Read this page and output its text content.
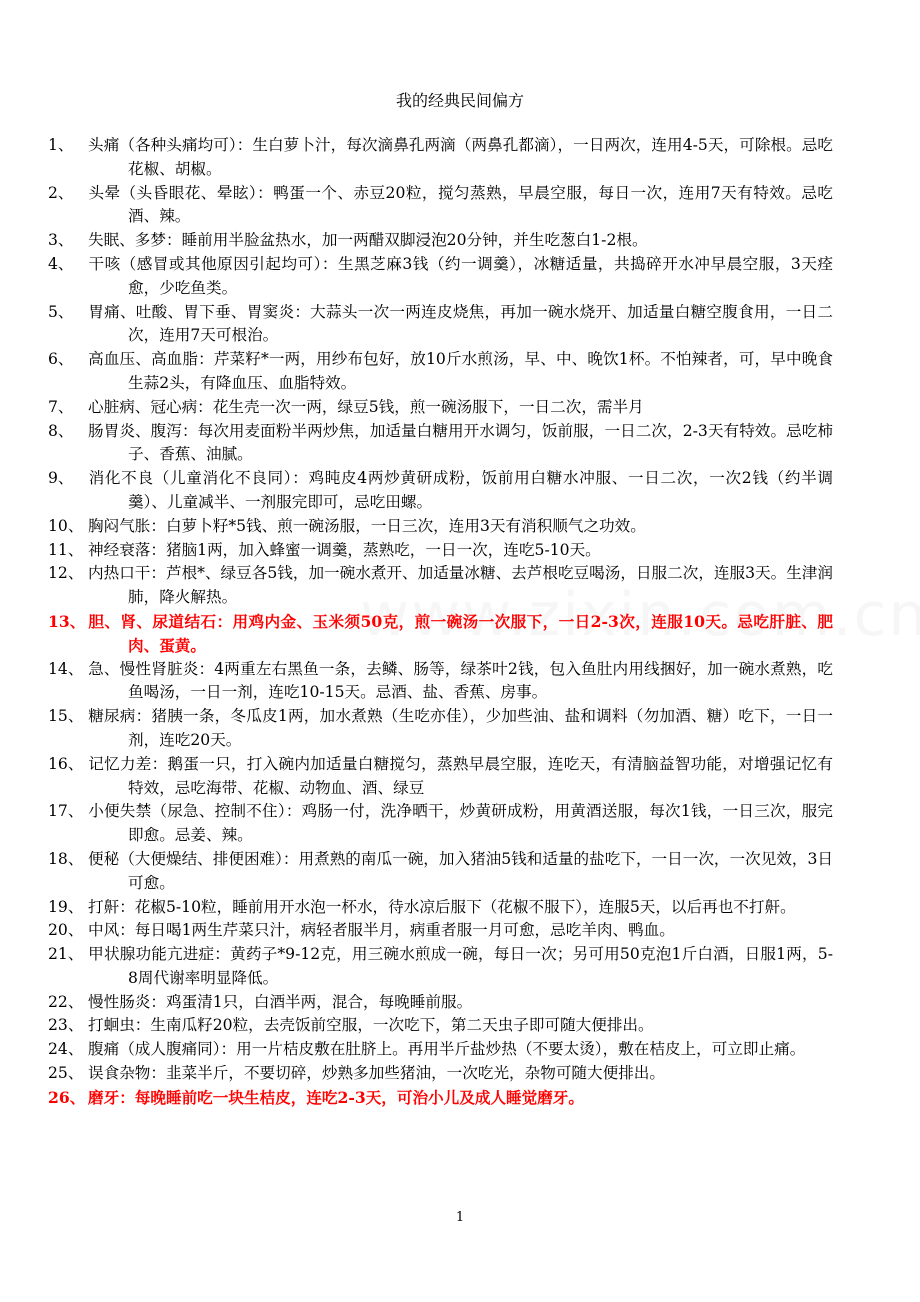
我的经典民间偏方
1、 头痛（各种头痛均可）：生白萝卜汁，每次滴鼻孔两滴（两鼻孔都滴），一日两次，连用4-5天，可除根。忌吃花椒、胡椒。
2、 头晕（头昏眼花、晕眩）：鸭蛋一个、赤豆20粒，搅匀蒸熟，早晨空服，每日一次，连用7天有特效。忌吃酒、辣。
3、 失眠、多梦：睡前用半脸盆热水，加一两醋双脚浸泡20分钟，并生吃葱白1-2根。
4、 干咳（感冒或其他原因引起均可）：生黑芝麻3钱（约一调羹），冰糖适量，共捣碎开水冲早晨空服，3天痊愈，少吃鱼类。
5、 胃痛、吐酸、胃下垂、胃窦炎：大蒜头一次一两连皮烧焦，再加一碗水烧开、加适量白糖空腹食用，一日二次，连用7天可根治。
6、 高血压、高血脂：芹菜籽*一两，用纱布包好，放10斤水煎汤，早、中、晚饮1杯。不怕辣者，可，早中晚食生蒜2头，有降血压、血脂特效。
7、 心脏病、冠心病：花生壳一次一两，绿豆5钱，煎一碗汤服下，一日二次，需半月
8、 肠胃炎、腹泻：每次用麦面粉半两炒焦，加适量白糖用开水调匀，饭前服，一日二次，2-3天有特效。忌吃柿子、香蕉、油腻。
9、 消化不良（儿童消化不良同）：鸡盹皮4两炒黄研成粉，饭前用白糖水冲服、一日二次，一次2钱（约半调羹）、儿童减半、一剂服完即可，忌吃田螺。
10、 胸闷气胀：白萝卜籽*5钱、煎一碗汤服，一日三次，连用3天有消积顺气之功效。
11、 神经衰落：猪脑1两，加入蜂蜜一调羹，蒸熟吃，一日一次，连吃5-10天。
12、 内热口干：芦根*、绿豆各5钱，加一碗水煮开、加适量冰糖、去芦根吃豆喝汤，日服二次，连服3天。生津润肺，降火解热。
13、 胆、肾、尿道结石：用鸡内金、玉米须50克，煎一碗汤一次服下，一日2-3次，连服10天。忌吃肝脏、肥肉、蛋黄。
14、 急、慢性肾脏炎：4两重左右黑鱼一条，去鳞、肠等，绿茶叶2钱，包入鱼肚内用线捆好，加一碗水煮熟，吃鱼喝汤，一日一剂，连吃10-15天。忌酒、盐、香蕉、房事。
15、 糖尿病：猪胰一条，冬瓜皮1两，加水煮熟（生吃亦佳），少加些油、盐和调料（勿加酒、糖）吃下，一日一剂，连吃20天。
16、 记忆力差：鹅蛋一只，打入碗内加适量白糖搅匀，蒸熟早晨空服，连吃天，有清脑益智功能，对增强记忆有特效，忌吃海带、花椒、动物血、酒、绿豆
17、 小便失禁（尿急、控制不住）：鸡肠一付，洗净晒干，炒黄研成粉，用黄酒送服，每次1钱，一日三次，服完即愈。忌姜、辣。
18、 便秘（大便燥结、排便困难）：用煮熟的南瓜一碗，加入猪油5钱和适量的盐吃下，一日一次，一次见效，3日可愈。
19、 打鼾：花椒5-10粒，睡前用开水泡一杯水，待水凉后服下（花椒不服下），连服5天，以后再也不打鼾。
20、 中风：每日喝1两生芹菜只汁，病轻者服半月，病重者服一月可愈，忌吃羊肉、鸭血。
21、 甲状腺功能亢进症：黄药子*9-12克，用三碗水煎成一碗，每日一次；另可用50克泡1斤白酒，日服1两，5-8周代谢率明显降低。
22、 慢性肠炎：鸡蛋清1只，白酒半两，混合，每晚睡前服。
23、 打蛔虫：生南瓜籽20粒，去壳饭前空服，一次吃下，第二天虫子即可随大便排出。
24、 腹痛（成人腹痛同）：用一片桔皮敷在肚脐上。再用半斤盐炒热（不要太烫），敷在桔皮上，可立即止痛。
25、 误食杂物：韭菜半斤，不要切碎，炒熟多加些猪油，一次吃光，杂物可随大便排出。
26、 磨牙：每晚睡前吃一块生桔皮，连吃2-3天，可治小儿及成人睡觉磨牙。
1
